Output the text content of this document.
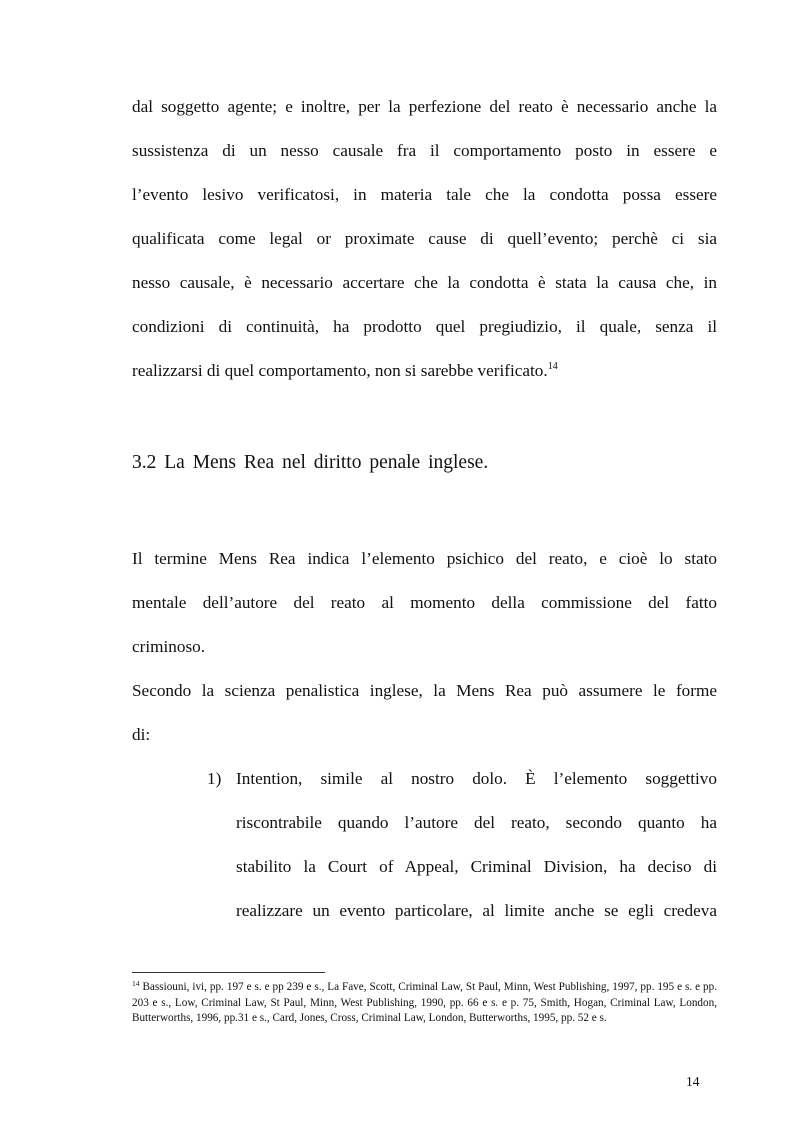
dal soggetto agente; e inoltre, per la perfezione del reato è necessario anche la
sussistenza di un nesso causale fra il comportamento posto in essere e
l’evento lesivo verificatosi, in materia tale che la condotta possa essere
qualificata come legal or proximate cause di quell’evento; perchè ci sia
nesso causale, è necessario accertare che la condotta è stata la causa che, in
condizioni di continuità, ha prodotto quel pregiudizio, il quale, senza il
realizzarsi di quel comportamento, non si sarebbe verificato.$^{14}$
3.2 La Mens Rea nel diritto penale inglese.
Il termine Mens Rea indica l’elemento psichico del reato, e cioè lo stato
mentale dell’autore del reato al momento della commissione del fatto
criminoso.
Secondo la scienza penalistica inglese, la Mens Rea può assumere le forme
di:
1) Intention, simile al nostro dolo. È l’elemento soggettivo
riscontrabile quando l’autore del reato, secondo quanto ha
stabilito la Court of Appeal, Criminal Division, ha deciso di
realizzare un evento particolare, al limite anche se egli credeva
$^{14}$ Bassiouni, ivi, pp. 197 e s. e pp 239 e s., La Fave, Scott, Criminal Law, St Paul, Minn, West Publishing, 1997, pp. 195 e s. e pp. 203 e s., Low, Criminal Law, St Paul, Minn, West Publishing, 1990, pp. 66 e s. e p. 75, Smith, Hogan, Criminal Law, London, Butterworths, 1996, pp.31 e s., Card, Jones, Cross, Criminal Law, London, Butterworths, 1995, pp. 52 e s.
14
